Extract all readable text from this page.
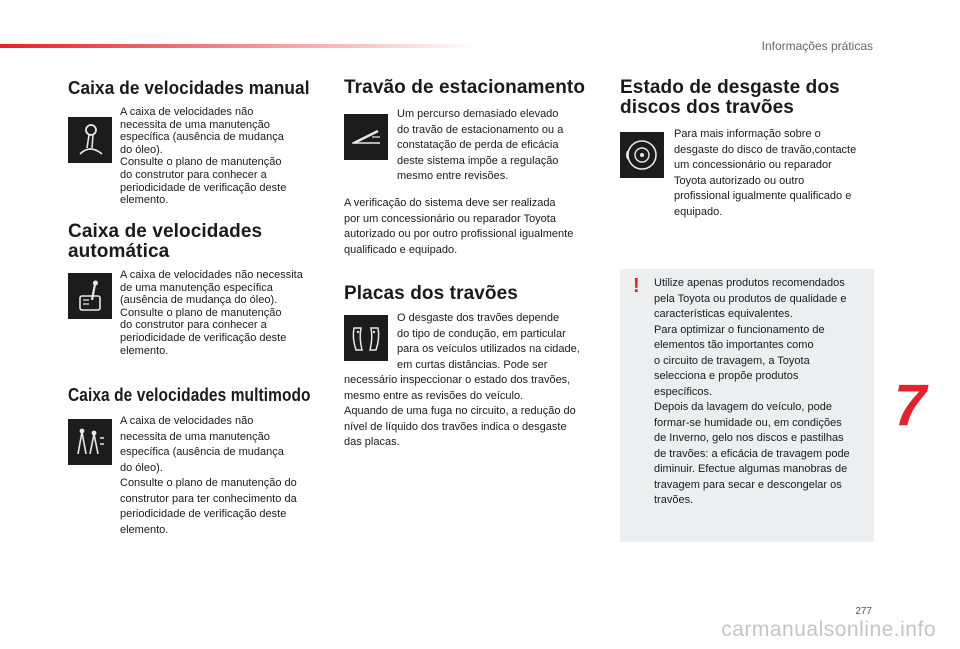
Informações práticas
Caixa de velocidades manual
A caixa de velocidades não
necessita de uma manutenção
específica (ausência de mudança
do óleo).
Consulte o plano de manutenção
do construtor para conhecer a
periodicidade de verificação deste
elemento.
Caixa de velocidades
automática
A caixa de velocidades não necessita
de uma manutenção específica
(ausência de mudança do óleo).
Consulte o plano de manutenção
do construtor para conhecer a
periodicidade de verificação deste
elemento.
Caixa de velocidades multimodo
A caixa de velocidades não
necessita de uma manutenção
específica (ausência de mudança
do óleo).
Consulte o plano de manutenção do
construtor para ter conhecimento da
periodicidade de verificação deste
elemento.
Travão de estacionamento
Um percurso demasiado elevado
do travão de estacionamento ou a
constatação de perda de eficácia
deste sistema impõe a regulação
mesmo entre revisões.
A verificação do sistema deve ser realizada
por um concessionário ou reparador Toyota
autorizado ou por outro profissional igualmente
qualificado e equipado.
Placas dos travões
O desgaste dos travões depende
do tipo de condução, em particular
para os veículos utilizados na cidade,
em curtas distâncias. Pode ser
necessário inspeccionar o estado dos travões,
mesmo entre as revisões do veículo.
Aquando de uma fuga no circuito, a redução do
nível de líquido dos travões indica o desgaste
das placas.
Estado de desgaste dos
discos dos travões
Para mais informação sobre o
desgaste do disco de travão,contacte
um concessionário ou reparador
Toyota autorizado ou outro
profissional igualmente qualificado e
equipado.
! Utilize apenas produtos recomendados
pela Toyota ou produtos de qualidade e
características equivalentes.
Para optimizar o funcionamento de
elementos tão importantes como
o circuito de travagem, a Toyota
selecciona e propõe produtos
específicos.
Depois da lavagem do veículo, pode
formar-se humidade ou, em condições
de Inverno, gelo nos discos e pastilhas
de travões: a eficácia de travagem pode
diminuir. Efectue algumas manobras de
travagem para secar e descongelar os
travões.
7
277
carmanualsonline.info
